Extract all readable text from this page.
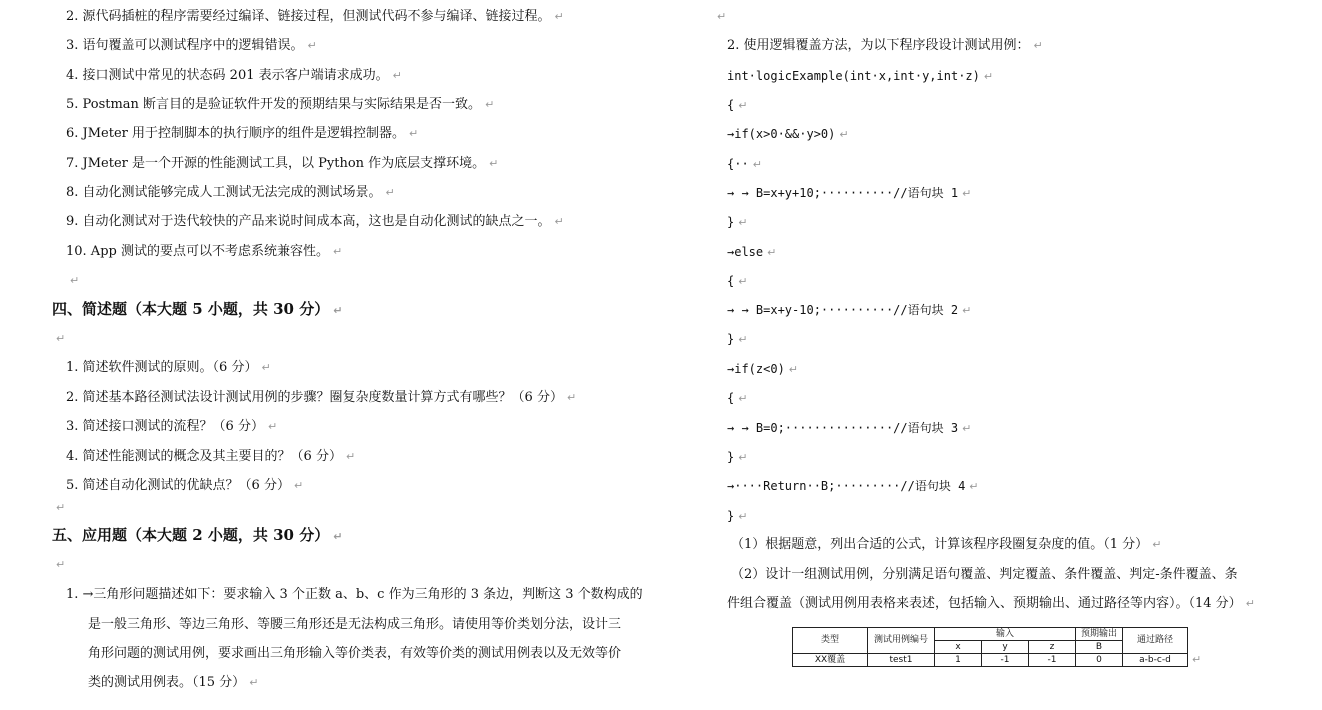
2. 源代码插桩的程序需要经过编译、链接过程，但测试代码不参与编译、链接过程。 ↵
3. 语句覆盖可以测试程序中的逻辑错误。 ↵
4. 接口测试中常见的状态码 201 表示客户端请求成功。 ↵
5. Postman 断言目的是验证软件开发的预期结果与实际结果是否一致。 ↵
6. JMeter 用于控制脚本的执行顺序的组件是逻辑控制器。 ↵
7. JMeter 是一个开源的性能测试工具，以 Python 作为底层支撑环境。 ↵
8. 自动化测试能够完成人工测试无法完成的测试场景。 ↵
9. 自动化测试对于迭代较快的产品来说时间成本高，这也是自动化测试的缺点之一。 ↵
10. App 测试的要点可以不考虑系统兼容性。 ↵
↵
四、简述题（本大题 5 小题，共 30 分） ↵
↵
1. 简述软件测试的原则。（6 分） ↵
2. 简述基本路径测试法设计测试用例的步骤？圈复杂度数量计算方式有哪些？（6 分） ↵
3. 简述接口测试的流程？（6 分） ↵
4. 简述性能测试的概念及其主要目的？（6 分） ↵
5. 简述自动化测试的优缺点？（6 分） ↵
↵
五、应用题（本大题 2 小题，共 30 分） ↵
↵
1. →三角形问题描述如下：要求输入 3 个正数 a、b、c 作为三角形的 3 条边，判断这 3 个数构成的
是一般三角形、等边三角形、等腰三角形还是无法构成三角形。请使用等价类划分法，设计三
角形问题的测试用例，要求画出三角形输入等价类表，有效等价类的测试用例表以及无效等价
类的测试用例表。（15 分） ↵
↵
2. 使用逻辑覆盖方法，为以下程序段设计测试用例： ↵
int·logicExample(int·x,int·y,int·z) ↵
{ ↵
→if(x>0·&&·y>0) ↵
{·· ↵
→ → B=x+y+10;··········//语句块 1 ↵
} ↵
→else ↵
{ ↵
→ → B=x+y-10;··········//语句块 2 ↵
} ↵
→if(z<0) ↵
{ ↵
→ → B=0;···············//语句块 3 ↵
} ↵
→····Return··B;·········//语句块 4 ↵
} ↵
（1）根据题意，列出合适的公式，计算该程序段圈复杂度的值。（1 分） ↵
（2）设计一组测试用例，分别满足语句覆盖、判定覆盖、条件覆盖、判定-条件覆盖、条
件组合覆盖（测试用例用表格来表述，包括输入、预期输出、通过路径等内容）。（14 分） ↵
类型	测试用例编号	输入			预期输出	通过路径
		x	y	z	B	
XX覆盖	test1	1	-1	-1	0	a-b-c-d ↵
